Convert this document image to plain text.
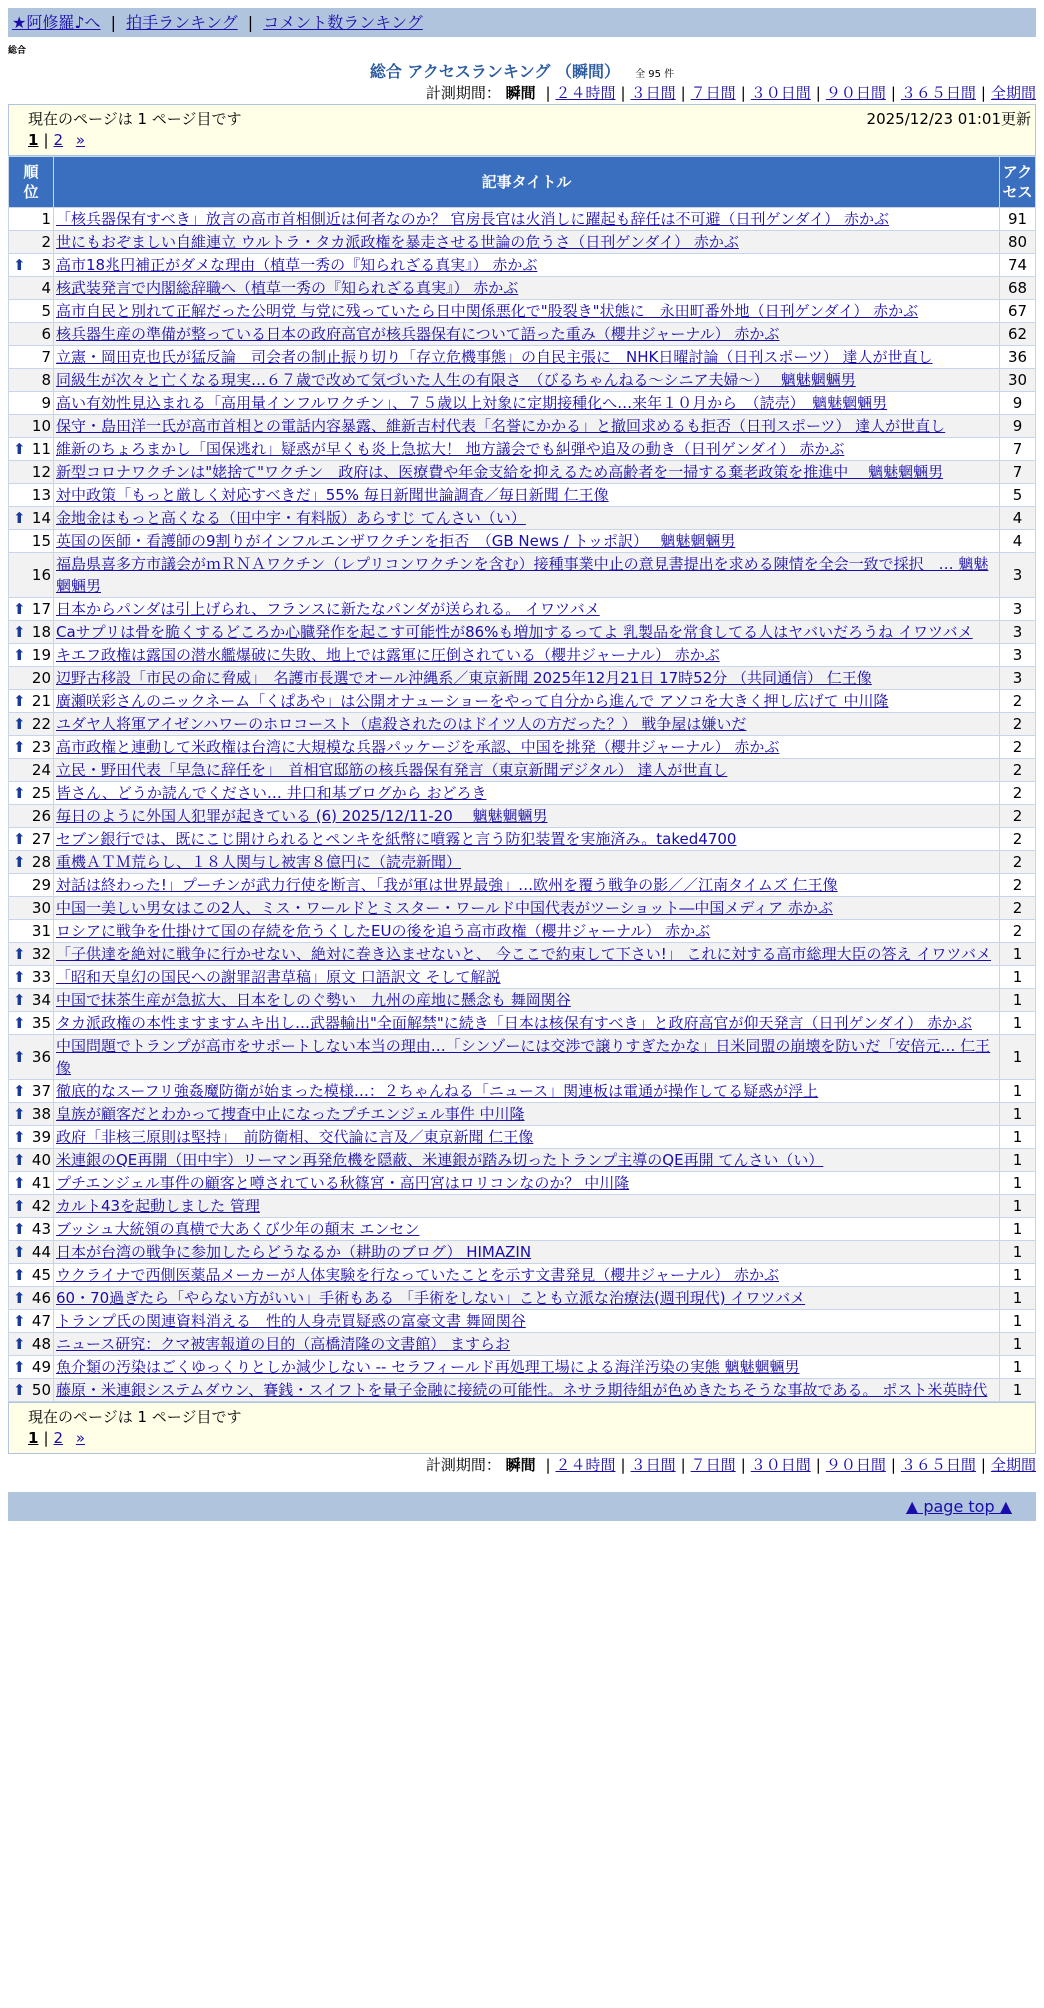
★阿修羅♪へ | 拍手ランキング | コメント数ランキング
総合
総合 アクセスランキング （瞬間） 全 95 件
計測期間： 瞬間 | ２４時間 | ３日間 | ７日間 | ３０日間 | ９０日間 | ３６５日間 | 全期間
現在のページは 1 ページ目です	2025/12/23 01:01更新
1 | 2 »
順
位	記事タイトル	アク
セス
1	「核兵器保有すべき」放言の高市首相側近は何者なのか？ 官房長官は火消しに躍起も辞任は不可避（日刊ゲンダイ） 赤かぶ	91
2	世にもおぞましい自維連立 ウルトラ・タカ派政権を暴走させる世論の危うさ（日刊ゲンダイ） 赤かぶ	80

⬆ 3	高市18兆円補正がダメな理由（植草一秀の『知られざる真実』） 赤かぶ	74
4	核武装発言で内閣総辞職へ（植草一秀の『知られざる真実』） 赤かぶ	68
5	高市自民と別れて正解だった公明党 与党に残っていたら日中関係悪化で"股裂き"状態に　永田町番外地（日刊ゲンダイ） 赤かぶ	67
6	核兵器生産の準備が整っている日本の政府高官が核兵器保有について語った重み（櫻井ジャーナル） 赤かぶ	62
7	立憲・岡田克也氏が猛反論　司会者の制止振り切り「存立危機事態」の自民主張に　NHK日曜討論（日刊スポーツ） 達人が世直し	36
8	同級生が次々と亡くなる現実…６７歳で改めて気づいた人生の有限さ　（びるちゃんねる～シニア夫婦～）　 魑魅魍魎男	30
9	高い有効性見込まれる「高用量インフルワクチン」、７５歳以上対象に定期接種化へ…来年１０月から　（読売）　魑魅魍魎男	9
10	保守・島田洋一氏が高市首相との電話内容暴露、維新吉村代表「名誉にかかる」と撤回求めるも拒否（日刊スポーツ） 達人が世直し	9

⬆ 11	維新のちょろまかし「国保逃れ」疑惑が早くも炎上急拡大！ 地方議会でも糾弾や追及の動き（日刊ゲンダイ） 赤かぶ	7
12	新型コロナワクチンは"姥捨て"ワクチン　政府は、医療費や年金支給を抑えるため高齢者を一掃する棄老政策を推進中　 魑魅魍魎男	7
13	対中政策「もっと厳しく対応すべきだ」55% 毎日新聞世論調査／毎日新聞 仁王像	5

⬆ 14	金地金はもっと高くなる（田中宇・有料版）あらすじ てんさい（い）	4
15	英国の医師・看護師の9割りがインフルエンザワクチンを拒否　（GB News / トッポ訳）　 魑魅魍魎男	4
16	福島県喜多方市議会がｍＲＮＡワクチン（レプリコンワクチンを含む）接種事業中止の意見書提出を求める陳情を全会一致で採択　… 魑魅魍魎男	3

⬆ 17	日本からパンダは引上げられ、フランスに新たなパンダが送られる。 イワツバメ	3

⬆ 18	Caサプリは骨を脆くするどころか心臓発作を起こす可能性が86%も増加するってよ 乳製品を常食してる人はヤバいだろうね イワツバメ	3

⬆ 19	キエフ政権は露国の潜水艦爆破に失敗、地上では露軍に圧倒されている（櫻井ジャーナル） 赤かぶ	3
20	辺野古移設「市民の命に脅威」　名護市長選でオール沖縄系／東京新聞 2025年12月21日 17時52分 （共同通信） 仁王像	3

⬆ 21	廣瀬咲彩さんのニックネーム「くぱあや」は公開オナューショーをやって自分から進んで アソコを大きく押し広げて 中川隆	2

⬆ 22	ユダヤ人将軍アイゼンハワーのホロコースト（虐殺されたのはドイツ人の方だった？） 戦争屋は嫌いだ	2

⬆ 23	高市政権と連動して米政権は台湾に大規模な兵器パッケージを承認、中国を挑発（櫻井ジャーナル） 赤かぶ	2
24	立民・野田代表「早急に辞任を」　首相官邸筋の核兵器保有発言（東京新聞デジタル） 達人が世直し	2

⬆ 25	皆さん、どうか読んでください… 井口和基ブログから おどろき	2
26	毎日のように外国人犯罪が起きている (6) 2025/12/11-20　 魑魅魍魎男	2

⬆ 27	セブン銀行では、既にこじ開けられるとペンキを紙幣に噴霧と言う防犯装置を実施済み。taked4700	2

⬆ 28	重機ＡＴＭ荒らし、１８人関与し被害８億円に（読売新聞）	2
29	対話は終わった!」プーチンが武力行使を断言、「我が軍は世界最強」…欧州を覆う戦争の影／／江南タイムズ 仁王像	2
30	中国一美しい男女はこの2人、ミス・ワールドとミスター・ワールド中国代表がツーショット―中国メディア 赤かぶ	2
31	ロシアに戦争を仕掛けて国の存続を危うくしたEUの後を追う高市政権（櫻井ジャーナル） 赤かぶ	2

⬆ 32	「子供達を絶対に戦争に行かせない、絶対に巻き込ませないと、 今ここで約束して下さい!」 これに対する高市総理大臣の答え イワツバメ	1

⬆ 33	「昭和天皇幻の国民への謝罪詔書草稿」原文 口語訳文 そして解説	1

⬆ 34	中国で抹茶生産が急拡大、日本をしのぐ勢い　九州の産地に懸念も 舞岡関谷	1

⬆ 35	タカ派政権の本性ますますムキ出し…武器輸出"全面解禁"に続き「日本は核保有すべき」と政府高官が仰天発言（日刊ゲンダイ） 赤かぶ	1

⬆ 36	中国問題でトランプが高市をサポートしない本当の理由…「シンゾーには交渉で譲りすぎたかな」日米同盟の崩壊を防いだ「安倍元… 仁王像	1

⬆ 37	徹底的なスーフリ強姦魔防衛が始まった模様…：２ちゃんねる「ニュース」関連板は電通が操作してる疑惑が浮上	1

⬆ 38	皇族が顧客だとわかって捜査中止になったプチエンジェル事件 中川隆	1

⬆ 39	政府「非核三原則は堅持」　前防衛相、交代論に言及／東京新聞 仁王像	1

⬆ 40	米連銀のQE再開（田中宇）リーマン再発危機を隠蔽、米連銀が踏み切ったトランプ主導のQE再開 てんさい（い）	1

⬆ 41	プチエンジェル事件の顧客と噂されている秋篠宮・高円宮はロリコンなのか？ 中川隆	1

⬆ 42	カルト43を起動しました 管理	1

⬆ 43	ブッシュ大統領の真横で大あくび少年の顛末 エンセン	1

⬆ 44	日本が台湾の戦争に参加したらどうなるか（耕助のブログ） HIMAZIN	1

⬆ 45	ウクライナで西側医薬品メーカーが人体実験を行なっていたことを示す文書発見（櫻井ジャーナル） 赤かぶ	1

⬆ 46	60・70過ぎたら「やらない方がいい」手術もある 「手術をしない」ことも立派な治療法(週刊現代) イワツバメ	1

⬆ 47	トランプ氏の関連資料消える　性的人身売買疑惑の富豪文書 舞岡関谷	1

⬆ 48	ニュース研究：クマ被害報道の目的（高橋清隆の文書館） ますらお	1

⬆ 49	魚介類の汚染はごくゆっくりとしか減少しない -- セラフィールド再処理工場による海洋汚染の実態 魑魅魍魎男	1

⬆ 50	藤原・米連銀システムダウン、賽銭・スイフトを量子金融に接続の可能性。ネサラ期待組が色めきたちそうな事故である。 ポスト米英時代	1
現在のページは 1 ページ目です
1 | 2 »
計測期間： 瞬間 | ２４時間 | ３日間 | ７日間 | ３０日間 | ９０日間 | ３６５日間 | 全期間
▲ page top ▲
